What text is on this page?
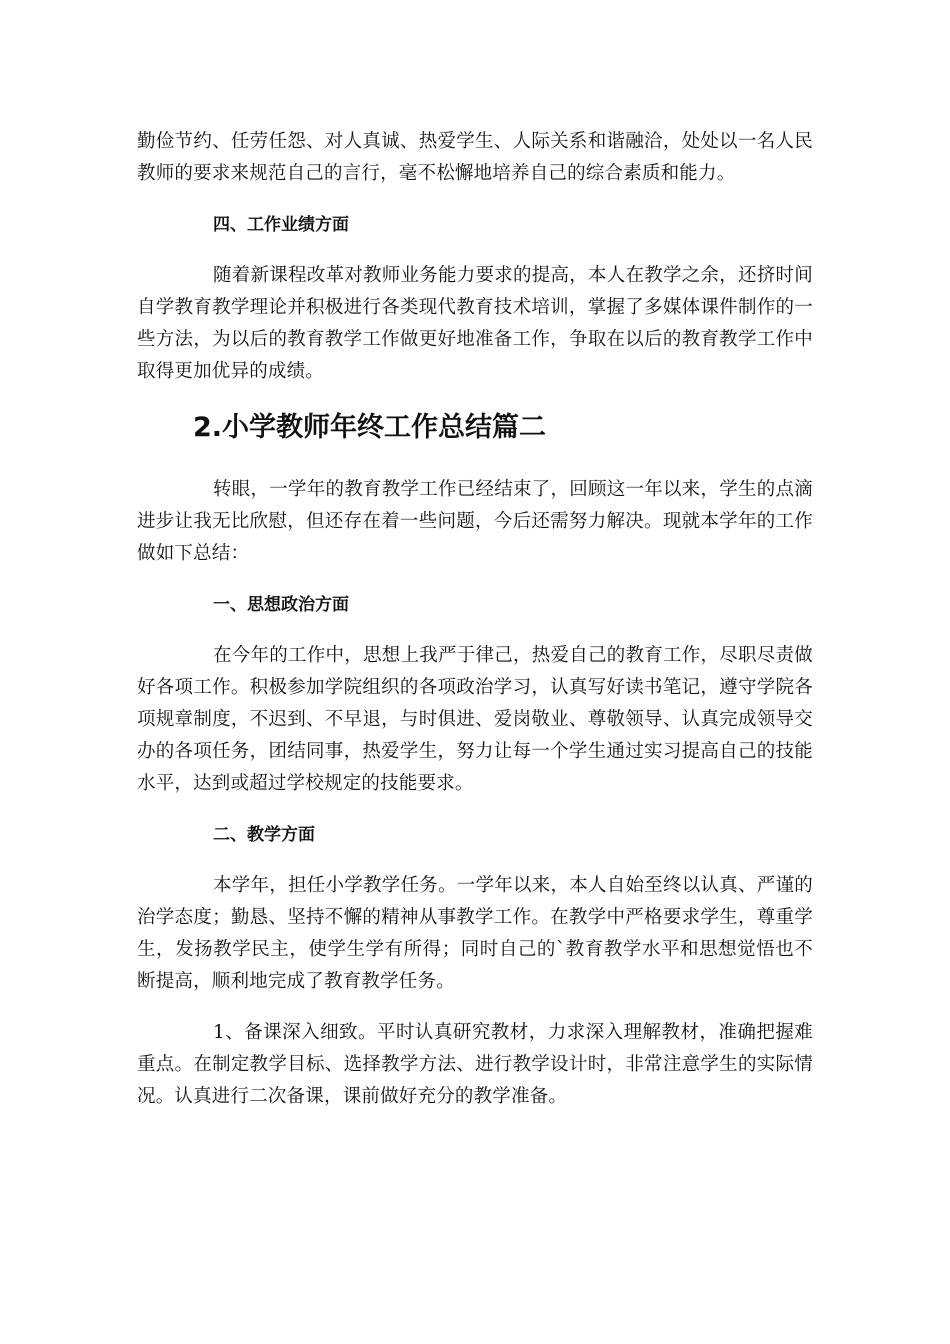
勤俭节约、任劳任怨、对人真诚、热爱学生、人际关系和谐融洽，处处以一名人民教师的要求来规范自己的言行，毫不松懈地培养自己的综合素质和能力。

四、工作业绩方面

随着新课程改革对教师业务能力要求的提高，本人在教学之余，还挤时间自学教育教学理论并积极进行各类现代教育技术培训，掌握了多媒体课件制作的一些方法，为以后的教育教学工作做更好地准备工作，争取在以后的教育教学工作中取得更加优异的成绩。

2.小学教师年终工作总结篇二

转眼，一学年的教育教学工作已经结束了，回顾这一年以来，学生的点滴进步让我无比欣慰，但还存在着一些问题，今后还需努力解决。现就本学年的工作做如下总结：

一、思想政治方面

在今年的工作中，思想上我严于律己，热爱自己的教育工作，尽职尽责做好各项工作。积极参加学院组织的各项政治学习，认真写好读书笔记，遵守学院各项规章制度，不迟到、不早退，与时俱进、爱岗敬业、尊敬领导、认真完成领导交办的各项任务，团结同事，热爱学生，努力让每一个学生通过实习提高自己的技能水平，达到或超过学校规定的技能要求。

二、教学方面

本学年，担任小学教学任务。一学年以来，本人自始至终以认真、严谨的治学态度；勤恳、坚持不懈的精神从事教学工作。在教学中严格要求学生，尊重学生，发扬教学民主，使学生学有所得；同时自己的`教育教学水平和思想觉悟也不断提高，顺利地完成了教育教学任务。

1、备课深入细致。平时认真研究教材，力求深入理解教材，准确把握难重点。在制定教学目标、选择教学方法、进行教学设计时，非常注意学生的实际情况。认真进行二次备课，课前做好充分的教学准备。
